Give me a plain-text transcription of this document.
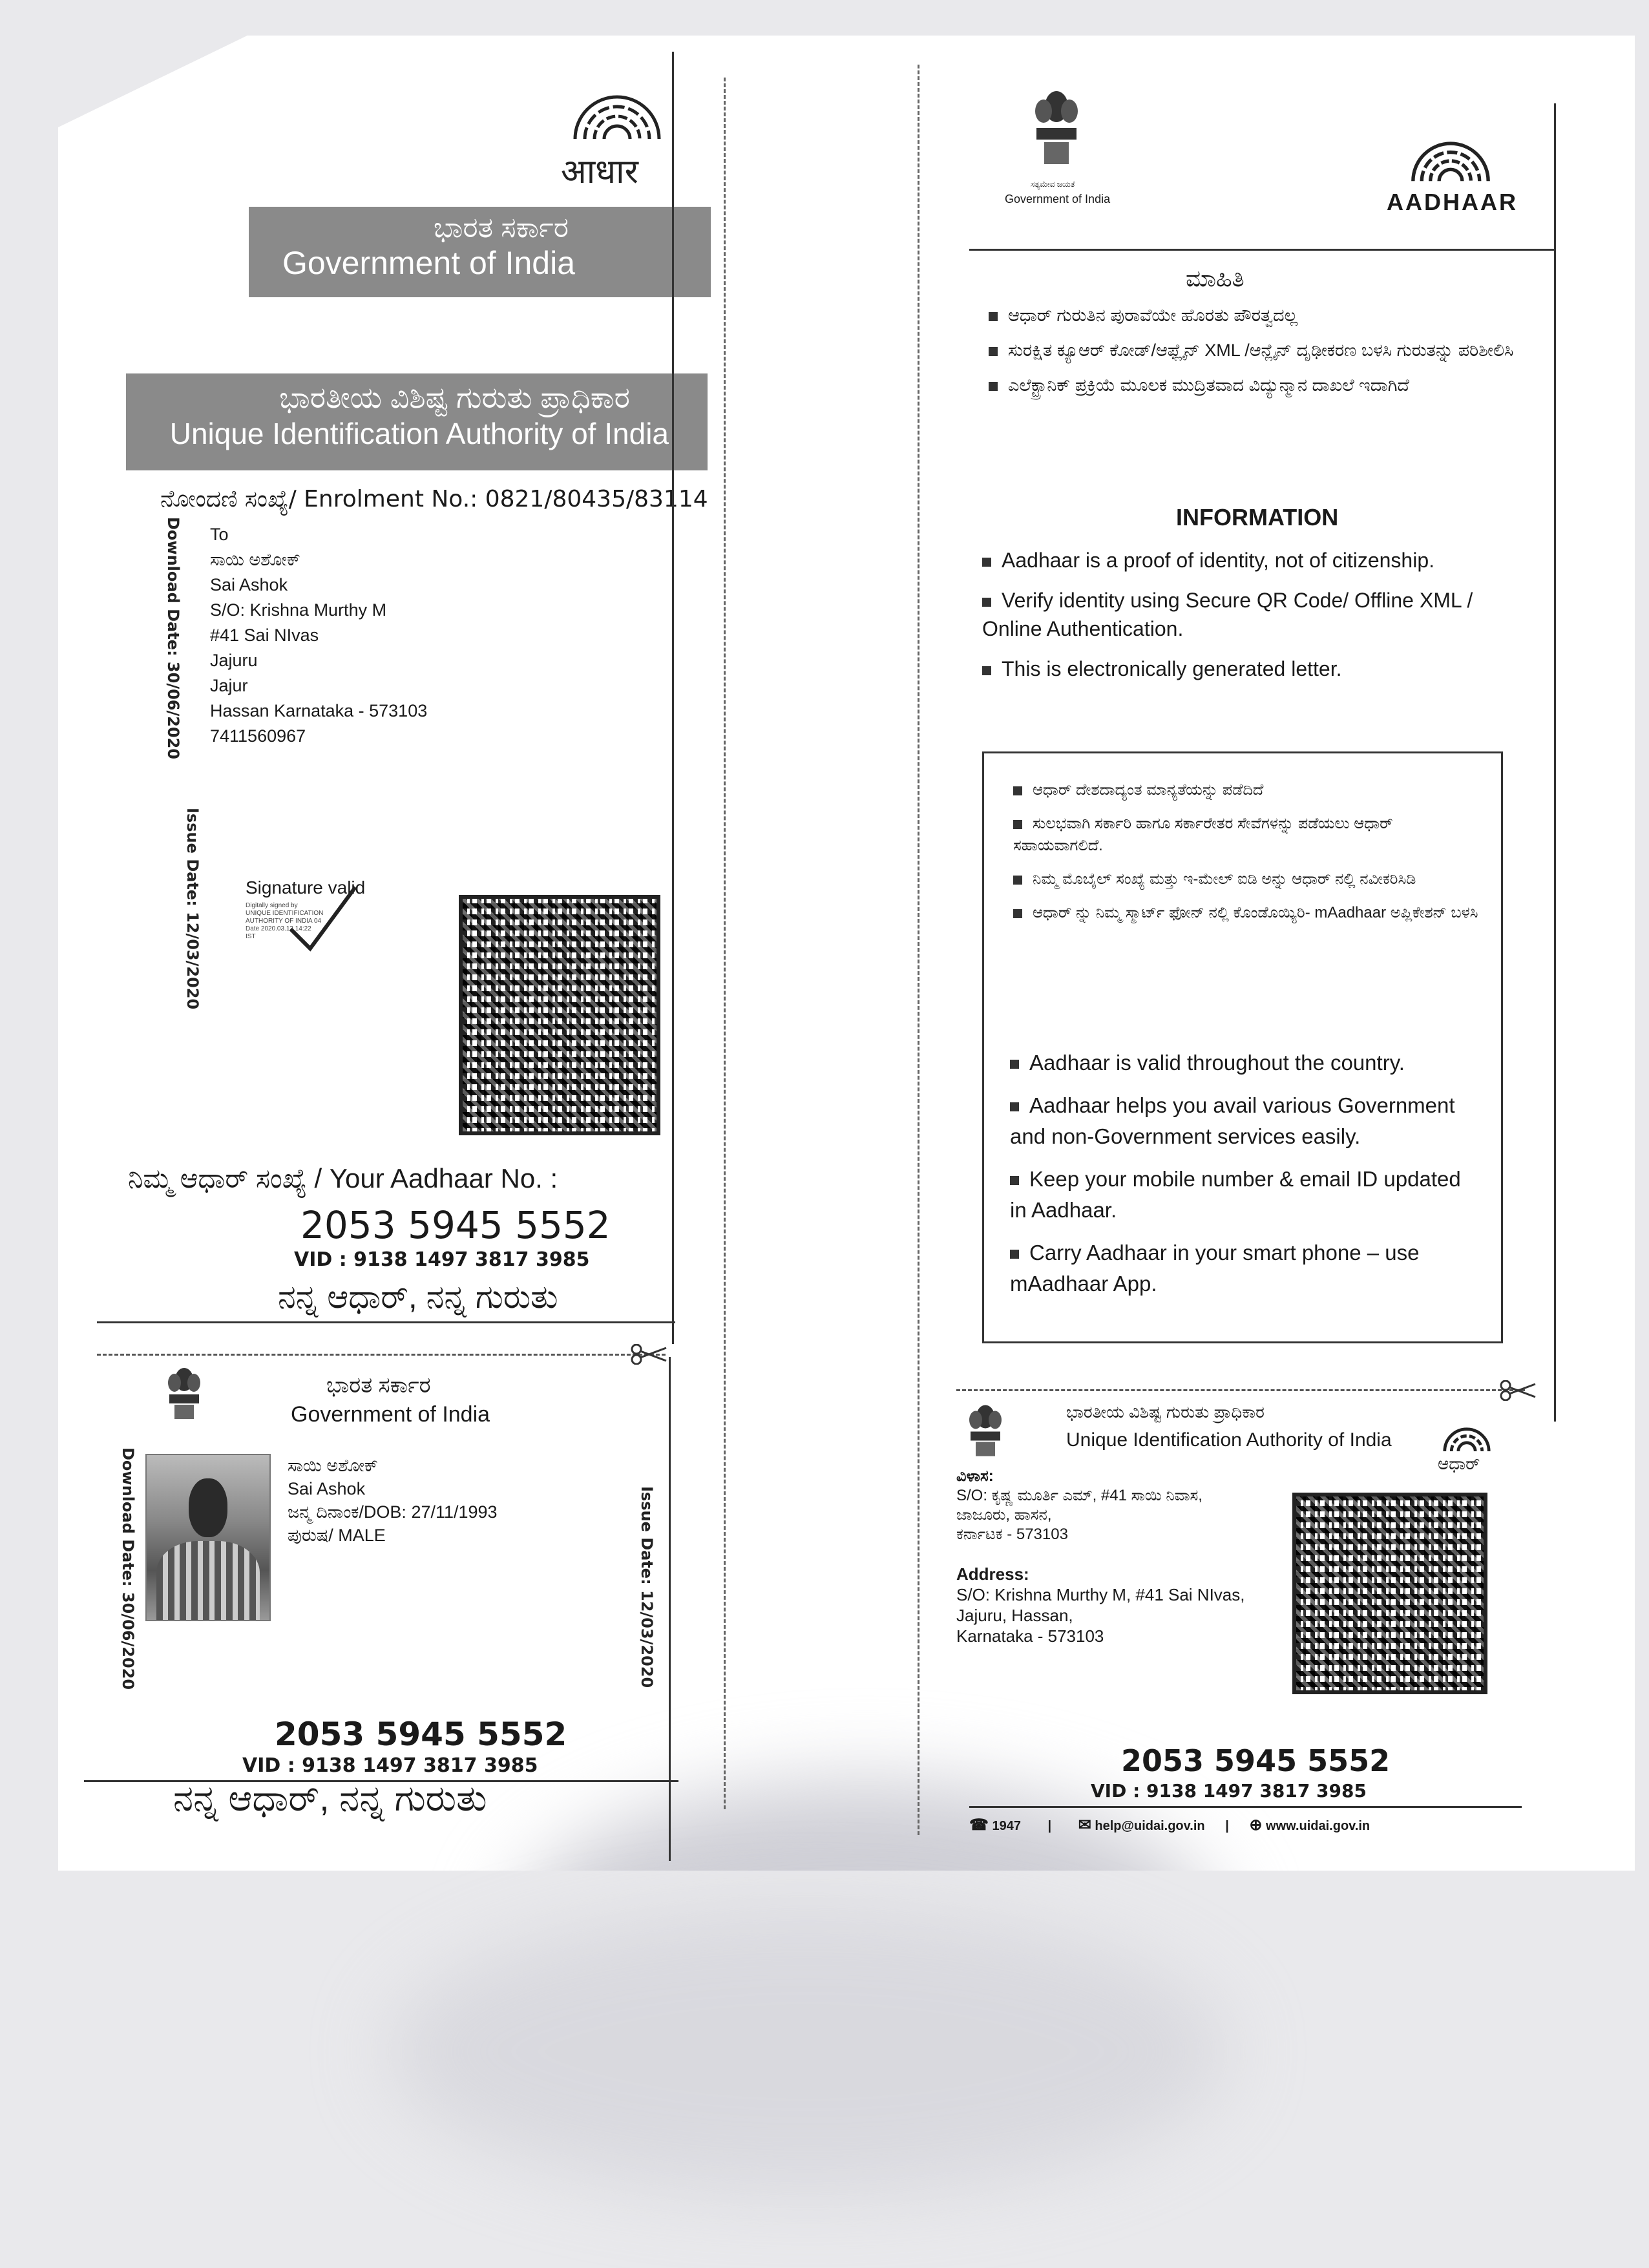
आधार
ಭಾರತ ಸರ್ಕಾರ
Government of India
ಭಾರತೀಯ ವಿಶಿಷ್ಟ ಗುರುತು ಪ್ರಾಧಿಕಾರ
Unique Identification Authority of India
ನೋಂದಣಿ ಸಂಖ್ಯೆ/ Enrolment No.: 0821/80435/83114
Download Date: 30/06/2020
Issue Date: 12/03/2020
To
ಸಾಯಿ ಅಶೋಕ್
Sai Ashok
S/O: Krishna Murthy M
#41 Sai NIvas
Jajuru
Jajur
Hassan Karnataka - 573103
7411560967
Signature valid
Digitally signed by
UNIQUE IDENTIFICATION
AUTHORITY OF INDIA 04
Date 2020.03.13 14:22
IST
ನಿಮ್ಮ ಆಧಾರ್ ಸಂಖ್ಯೆ / Your Aadhaar No. :
2053 5945 5552
VID : 9138 1497 3817 3985
ನನ್ನ ಆಧಾರ್, ನನ್ನ ಗುರುತು
ಭಾರತ ಸರ್ಕಾರ
Government of India
Download Date: 30/06/2020	Issue Date: 12/03/2020
ಸಾಯಿ ಅಶೋಕ್
Sai Ashok
ಜನ್ಮ ದಿನಾಂಕ/DOB: 27/11/1993
ಪುರುಷ/ MALE
2053 5945 5552
VID : 9138 1497 3817 3985
ನನ್ನ ಆಧಾರ್, ನನ್ನ ಗುರುತು
ಸತ್ಯಮೇವ ಜಯತೆ
Government of India	AADHAAR
ಮಾಹಿತಿ
ಆಧಾರ್ ಗುರುತಿನ ಪುರಾವೆಯೇ ಹೊರತು ಪೌರತ್ವದಲ್ಲ
ಸುರಕ್ಷಿತ ಕ್ಯೂಆರ್ ಕೋಡ್/ಆಫ್ಲೈನ್ XML /ಆನ್ಲೈನ್ ದೃಢೀಕರಣ ಬಳಸಿ ಗುರುತನ್ನು ಪರಿಶೀಲಿಸಿ
ಎಲೆಕ್ಟ್ರಾನಿಕ್ ಪ್ರಕ್ರಿಯೆ ಮೂಲಕ ಮುದ್ರಿತವಾದ ವಿದ್ಯುನ್ಮಾನ ದಾಖಲೆ ಇದಾಗಿದೆ
INFORMATION
Aadhaar is a proof of identity, not of citizenship.
Verify identity using Secure QR Code/ Offline XML / Online Authentication.
This is electronically generated letter.
ಆಧಾರ್ ದೇಶದಾದ್ಯಂತ ಮಾನ್ಯತೆಯನ್ನು ಪಡೆದಿದೆ
ಸುಲಭವಾಗಿ ಸರ್ಕಾರಿ ಹಾಗೂ ಸರ್ಕಾರೇತರ ಸೇವೆಗಳನ್ನು ಪಡೆಯಲು ಆಧಾರ್ ಸಹಾಯವಾಗಲಿದೆ.
ನಿಮ್ಮ ಮೊಬೈಲ್ ಸಂಖ್ಯೆ ಮತ್ತು ಇ-ಮೇಲ್ ಐಡಿ ಅನ್ನು ಆಧಾರ್ ನಲ್ಲಿ ನವೀಕರಿಸಿಡಿ
ಆಧಾರ್ ನ್ನು ನಿಮ್ಮ ಸ್ಮಾರ್ಟ್ ಫೋನ್ ನಲ್ಲಿ ಕೊಂಡೊಯ್ಯಿರಿ- mAadhaar ಅಪ್ಲಿಕೇಶನ್ ಬಳಸಿ
Aadhaar is valid throughout the country.
Aadhaar helps you avail various Government and non-Government services easily.
Keep your mobile number & email ID updated in Aadhaar.
Carry Aadhaar in your smart phone – use mAadhaar App.
ಭಾರತೀಯ ವಿಶಿಷ್ಟ ಗುರುತು ಪ್ರಾಧಿಕಾರ
Unique Identification Authority of India
ಆಧಾರ್
ವಿಳಾಸ:
S/O: ಕೃಷ್ಣ ಮೂರ್ತಿ ಎಮ್, #41 ಸಾಯಿ ನಿವಾಸ,
ಜಾಜೂರು, ಹಾಸನ,
ಕರ್ನಾಟಕ - 573103
Address:
S/O: Krishna Murthy M, #41 Sai NIvas,
Jajuru, Hassan,
Karnataka - 573103
2053 5945 5552
VID : 9138 1497 3817 3985
☎ 1947 | ✉ help@uidai.gov.in | ⊕ www.uidai.gov.in
